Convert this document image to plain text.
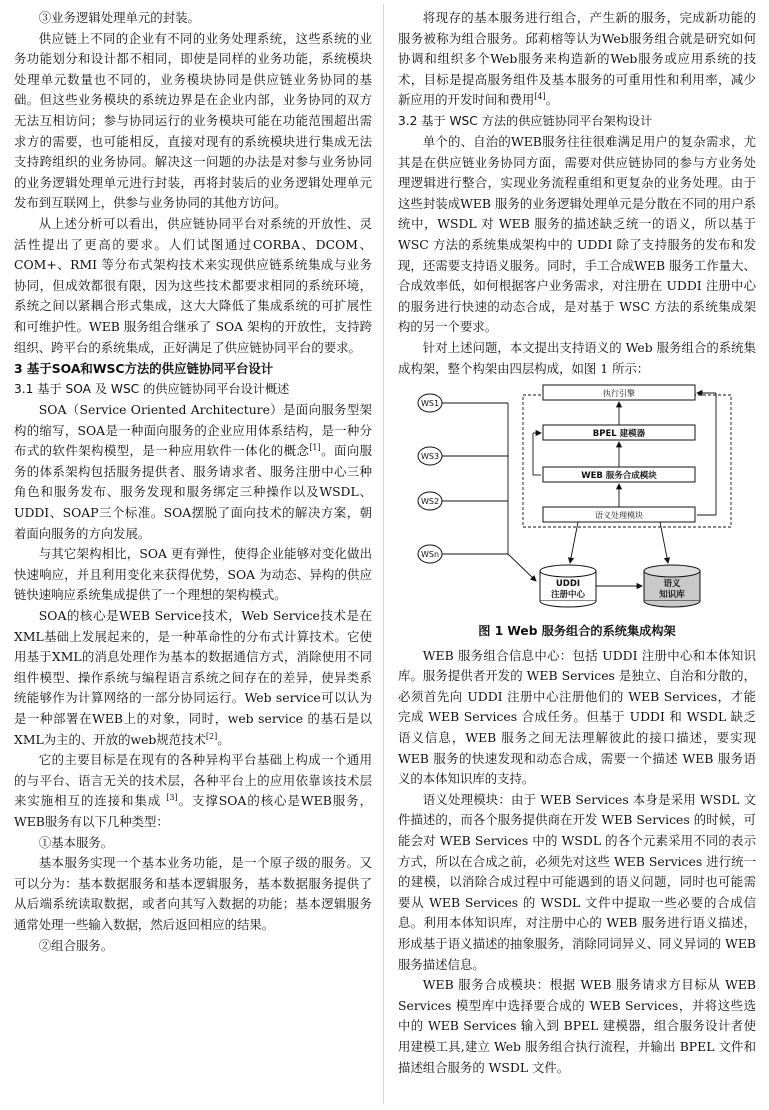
③业务逻辑处理单元的封装。

供应链上不同的企业有不同的业务处理系统，这些系统的业务功能划分和设计都不相同，即使是同样的业务功能，系统模块处理单元数量也不同的，业务模块协同是供应链业务协同的基础。但这些业务模块的系统边界是在企业内部，业务协同的双方无法互相访问；参与协同运行的业务模块可能在功能范围超出需求方的需要，也可能相反，直接对现有的系统模块进行集成无法支持跨组织的业务协同。解决这一问题的办法是对参与业务协同的业务逻辑处理单元进行封装，再将封装后的业务逻辑处理单元发布到互联网上，供参与业务协同的其他方访问。

从上述分析可以看出，供应链协同平台对系统的开放性、灵活性提出了更高的要求。人们试图通过CORBA、DCOM、COM+、RMI 等分布式架构技术来实现供应链系统集成与业务协同，但成效都很有限，因为这些技术都要求相同的系统环境，系统之间以紧耦合形式集成，这大大降低了集成系统的可扩展性和可维护性。WEB 服务组合继承了 SOA 架构的开放性，支持跨组织、跨平台的系统集成，正好满足了供应链协同平台的要求。

3 基于SOA和WSC方法的供应链协同平台设计
3.1 基于 SOA 及 WSC 的供应链协同平台设计概述

SOA（Service Oriented Architecture）是面向服务型架构的缩写，SOA是一种面向服务的企业应用体系结构，是一种分布式的软件架构模型，是一种应用软件一体化的概念[1]。面向服务的体系架构包括服务提供者、服务请求者、服务注册中心三种角色和服务发布、服务发现和服务绑定三种操作以及WSDL、UDDI、SOAP三个标准。SOA摆脱了面向技术的解决方案，朝着面向服务的方向发展。

与其它架构相比，SOA 更有弹性，使得企业能够对变化做出快速响应，并且利用变化来获得优势，SOA 为动态、异构的供应链快速响应系统集成提供了一个理想的架构模式。

SOA的核心是WEB Service技术，Web Service技术是在XML基础上发展起来的，是一种革命性的分布式计算技术。它使用基于XML的消息处理作为基本的数据通信方式，消除使用不同组件模型、操作系统与编程语言系统之间存在的差异，使异类系统能够作为计算网络的一部分协同运行。Web service可以认为是一种部署在WEB上的对象，同时，web service 的基石是以XML为主的、开放的web规范技术[2]。

它的主要目标是在现有的各种异构平台基础上构成一个通用的与平台、语言无关的技术层，各种平台上的应用依靠该技术层来实施相互的连接和集成 [3]。支撑SOA的核心是WEB服务，WEB服务有以下几种类型：

①基本服务。

基本服务实现一个基本业务功能，是一个原子级的服务。又可以分为：基本数据服务和基本逻辑服务，基本数据服务提供了从后端系统读取数据，或者向其写入数据的功能；基本逻辑服务通常处理一些输入数据，然后返回相应的结果。

②组合服务。

将现存的基本服务进行组合，产生新的服务，完成新功能的服务被称为组合服务。邱莉榕等认为Web服务组合就是研究如何协调和组织多个Web服务来构造新的Web服务或应用系统的技术，目标是提高服务组件及基本服务的可重用性和利用率，减少新应用的开发时间和费用[4]。

3.2 基于 WSC 方法的供应链协同平台架构设计

单个的、自治的WEB服务往往很难满足用户的复杂需求，尤其是在供应链业务协同方面，需要对供应链协同的参与方业务处理逻辑进行整合，实现业务流程重组和更复杂的业务处理。由于这些封装成WEB 服务的业务逻辑处理单元是分散在不同的用户系统中，WSDL 对 WEB 服务的描述缺乏统一的语义，所以基于 WSC 方法的系统集成架构中的 UDDI 除了支持服务的发布和发现，还需要支持语义服务。同时，手工合成WEB 服务工作量大、合成效率低，如何根据客户业务需求，对注册在 UDDI 注册中心的服务进行快速的动态合成，是对基于 WSC 方法的系统集成架构的另一个要求。

针对上述问题，本文提出支持语义的 Web 服务组合的系统集成构架，整个构架由四层构成，如图 1 所示：

WS1
WS3
WS2
WSn
执行引擎
BPEL 建模器
WEB 服务合成模块
语义处理模块
UDDI
注册中心
语义
知识库

图 1 Web 服务组合的系统集成构架

WEB 服务组合信息中心：包括 UDDI 注册中心和本体知识库。服务提供者开发的 WEB Services 是独立、自治和分散的，必须首先向 UDDI 注册中心注册他们的 WEB Services，才能完成 WEB Services 合成任务。但基于 UDDI 和 WSDL 缺乏语义信息，WEB 服务之间无法理解彼此的接口描述，要实现 WEB 服务的快速发现和动态合成，需要一个描述 WEB 服务语义的本体知识库的支持。

语义处理模块：由于 WEB Services 本身是采用 WSDL 文件描述的，而各个服务提供商在开发 WEB Services 的时候，可能会对 WEB Services 中的 WSDL 的各个元素采用不同的表示方式，所以在合成之前，必须先对这些 WEB Services 进行统一的建模，以消除合成过程中可能遇到的语义问题，同时也可能需要从 WEB Services 的 WSDL 文件中提取一些必要的合成信息。利用本体知识库，对注册中心的 WEB 服务进行语义描述，形成基于语义描述的抽象服务，消除同词异义、同义异词的 WEB 服务描述信息。

WEB 服务合成模块：根据 WEB 服务请求方目标从 WEB Services 模型库中选择要合成的 WEB Services，并将这些选中的 WEB Services 输入到 BPEL 建模器，组合服务设计者使用建模工具,建立 Web 服务组合执行流程，并输出 BPEL 文件和描述组合服务的 WSDL 文件。
